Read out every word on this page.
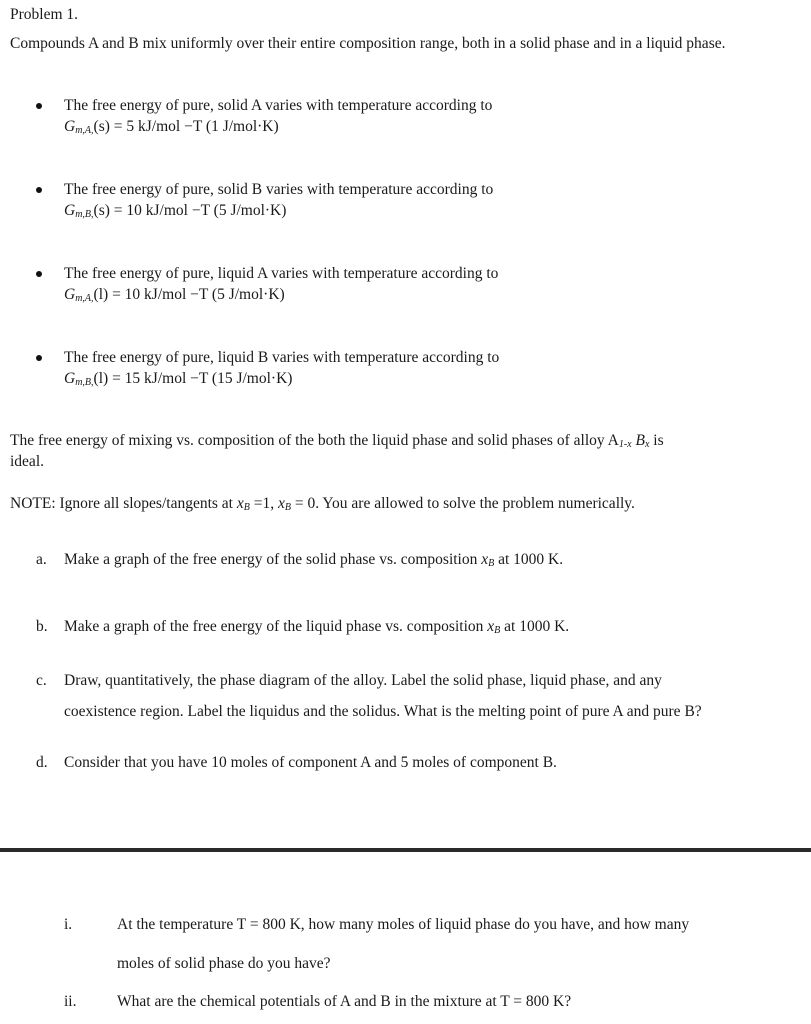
Problem 1.
Compounds A and B mix uniformly over their entire composition range, both in a solid phase and in a liquid phase.
The free energy of pure, solid A varies with temperature according to
$G_{m,A,}(s) = 5$ kJ/mol −T (1 J/mol·K)
The free energy of pure, solid B varies with temperature according to
$G_{m,B,}(s) = 10$ kJ/mol −T (5 J/mol·K)
The free energy of pure, liquid A varies with temperature according to
$G_{m,A,}(l) = 10$ kJ/mol −T (5 J/mol·K)
The free energy of pure, liquid B varies with temperature according to
$G_{m,B,}(l) = 15$ kJ/mol −T (15 J/mol·K)
The free energy of mixing vs. composition of the both the liquid phase and solid phases of alloy $A_{1-x}$ $B_x$ is
ideal.
NOTE: Ignore all slopes/tangents at $x_B =1$, $x_B = 0$. You are allowed to solve the problem numerically.
a. Make a graph of the free energy of the solid phase vs. composition $x_B$ at 1000 K.
b. Make a graph of the free energy of the liquid phase vs. composition $x_B$ at 1000 K.
c. Draw, quantitatively, the phase diagram of the alloy. Label the solid phase, liquid phase, and any
coexistence region. Label the liquidus and the solidus. What is the melting point of pure A and pure B?
d. Consider that you have 10 moles of component A and 5 moles of component B.
i.	At the temperature T = 800 K, how many moles of liquid phase do you have, and how many
moles of solid phase do you have?
ii.	What are the chemical potentials of A and B in the mixture at T = 800 K?
